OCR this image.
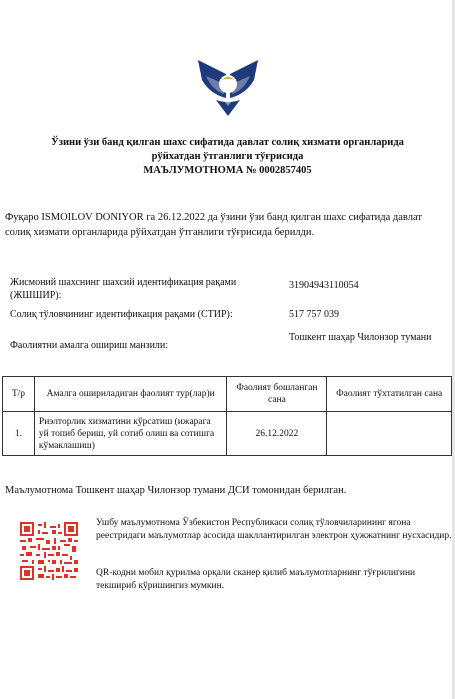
Ўзини ўзи банд қилган шахс сифатида давлат солиқ хизмати органларида
рўйхатдан ўтганлиги тўғрисида
МАЪЛУМОТНОМА № 0002857405
Фуқаро ISMOILOV DONIYOR га 26.12.2022 да ўзини ўзи банд қилган шахс сифатида давлат солиқ хизмати органларида рўйхатдан ўтганлиги тўғрисида берилди.
Жисмоний шахснинг шахсий идентификация рақами (ЖШШИР):
31904943110054
Солиқ тўловчининг идентификация рақами (СТИР):	517 757 039
Фаолиятни амалга ошириш манзили:
Тошкент шаҳар Чилонзор тумани
Т/р	Амалга ошириладиган фаолият тур(лар)и	Фаолият бошланган сана	Фаолият тўхтатилган сана
1.	Риэлторлик хизматини кўрсатиш (ижарага уй топиб бериш, уй сотиб олиш ва сотишга кўмаклашиш)	26.12.2022	
Маълумотнома Тошкент шаҳар Чилонзор тумани ДСИ томонидан берилган.
Ушбу маълумотнома Ўзбекистон Республикаси солиқ тўловчиларининг ягона реестридаги маълумотлар асосида шакллантирилган электрон ҳужжатнинг нусхасидир.
QR-кодни мобил қурилма орқали сканер қилиб маълумотларнинг тўғрилигини текшириб кўришингиз мумкин.
